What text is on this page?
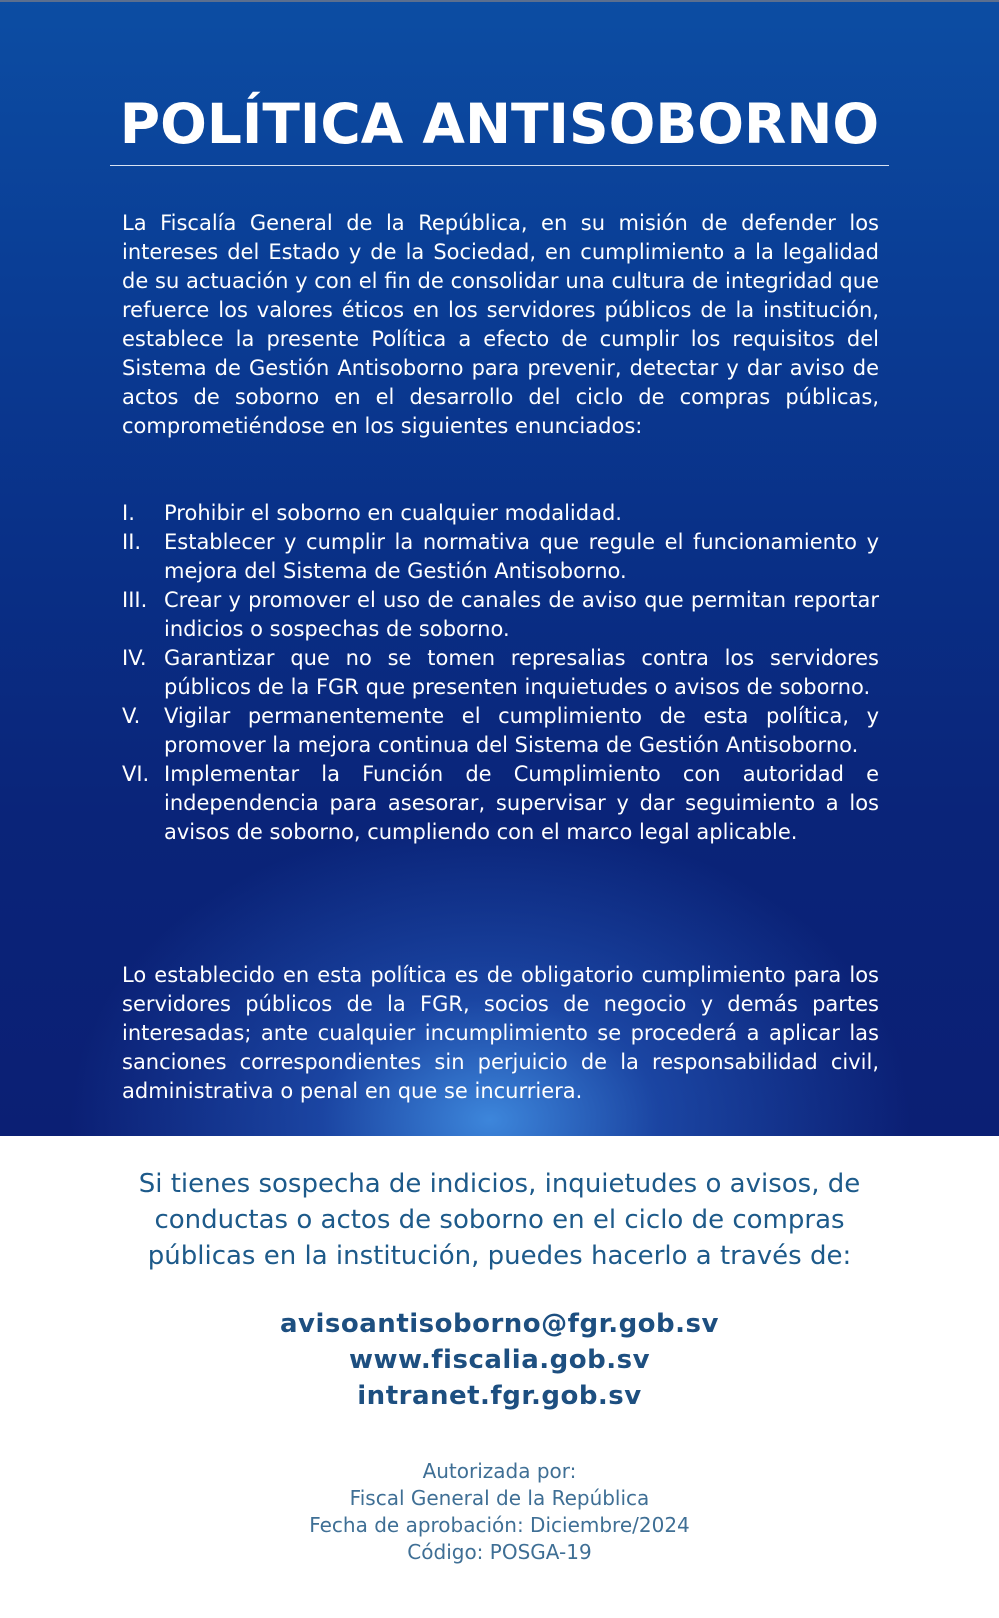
POLÍTICA ANTISOBORNO

La Fiscalía General de la República, en su misión de defender los intereses del Estado y de la Sociedad, en cumplimiento a la legalidad de su actuación y con el fin de consolidar una cultura de integridad que refuerce los valores éticos en los servidores públicos de la institución, establece la presente Política a efecto de cumplir los requisitos del Sistema de Gestión Antisoborno para prevenir, detectar y dar aviso de actos de soborno en el desarrollo del ciclo de compras públicas, comprometiéndose en los siguientes enunciados:

I.	Prohibir el soborno en cualquier modalidad.
II.	Establecer y cumplir la normativa que regule el funcionamiento y mejora del Sistema de Gestión Antisoborno.
III. Crear y promover el uso de canales de aviso que permitan reportar indicios o sospechas de soborno.
IV. Garantizar que no se tomen represalias contra los servidores públicos de la FGR que presenten inquietudes o avisos de soborno.
V.	Vigilar permanentemente el cumplimiento de esta política, y promover la mejora continua del Sistema de Gestión Antisoborno.
VI. Implementar la Función de Cumplimiento con autoridad e independencia para asesorar, supervisar y dar seguimiento a los avisos de soborno, cumpliendo con el marco legal aplicable.

Lo establecido en esta política es de obligatorio cumplimiento para los servidores públicos de la FGR, socios de negocio y demás partes interesadas; ante cualquier incumplimiento se procederá a aplicar las sanciones correspondientes sin perjuicio de la responsabilidad civil, administrativa o penal en que se incurriera.

Si tienes sospecha de indicios, inquietudes o avisos, de conductas o actos de soborno en el ciclo de compras públicas en la institución, puedes hacerlo a través de:

avisoantisoborno@fgr.gob.sv
www.fiscalia.gob.sv
intranet.fgr.gob.sv
Autorizada por:
Fiscal General de la República
Fecha de aprobación: Diciembre/2024
Código: POSGA-19
